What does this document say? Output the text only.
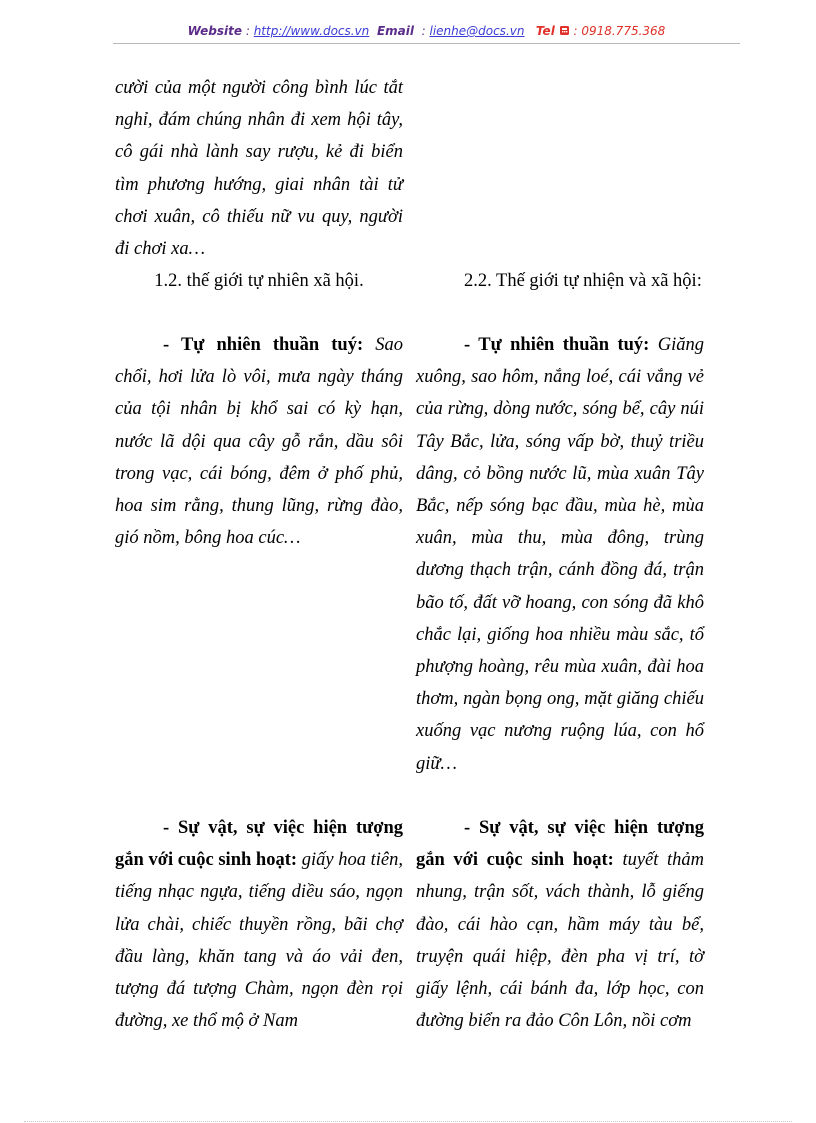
Website : http://www.docs.vn Email : lienhe@docs.vn Tel : 0918.775.368

cười của một người công bình lúc tắt nghỉ, đám chúng nhân đi xem hội tây, cô gái nhà lành say rượu, kẻ đi biển tìm phương hướng, giai nhân tài tử chơi xuân, cô thiếu nữ vu quy, người đi chơi xa…

1.2. thế giới tự nhiên xã hội.

- Tự nhiên thuần tuý: Sao chổi, hơi lửa lò vôi, mưa ngày tháng của tội nhân bị khổ sai có kỳ hạn, nước lã dội qua cây gỗ rắn, dầu sôi trong vạc, cái bóng, đêm ở phố phủ, hoa sim rằng, thung lũng, rừng đào, gió nồm, bông hoa cúc…

- Sự vật, sự việc hiện tượng gắn với cuộc sinh hoạt: giấy hoa tiên, tiếng nhạc ngựa, tiếng diều sáo, ngọn lửa chài, chiếc thuyền rồng, bãi chợ đầu làng, khăn tang và áo vải đen, tượng đá tượng Chàm, ngọn đèn rọi đường, xe thổ mộ ở Nam

2.2. Thế giới tự nhiện và xã hội:

- Tự nhiên thuần tuý: Giăng xuông, sao hôm, nắng loé, cái vắng vẻ của rừng, dòng nước, sóng bể, cây núi Tây Bắc, lửa, sóng vấp bờ, thuỷ triều dâng, cỏ bồng nước lũ, mùa xuân Tây Bắc, nếp sóng bạc đầu, mùa hè, mùa xuân, mùa thu, mùa đông, trùng dương thạch trận, cánh đồng đá, trận bão tố, đất vỡ hoang, con sóng đã khô chắc lại, giống hoa nhiều màu sắc, tổ phượng hoàng, rêu mùa xuân, đài hoa thơm, ngàn bọng ong, mặt giăng chiếu xuống vạc nương ruộng lúa, con hổ giữ…

- Sự vật, sự việc hiện tượng gắn với cuộc sinh hoạt: tuyết thảm nhung, trận sốt, vách thành, lỗ giếng đào, cái hào cạn, hầm máy tàu bể, truyện quái hiệp, đèn pha vị trí, tờ giấy lệnh, cái bánh đa, lớp học, con đường biển ra đảo Côn Lôn, nồi cơm
